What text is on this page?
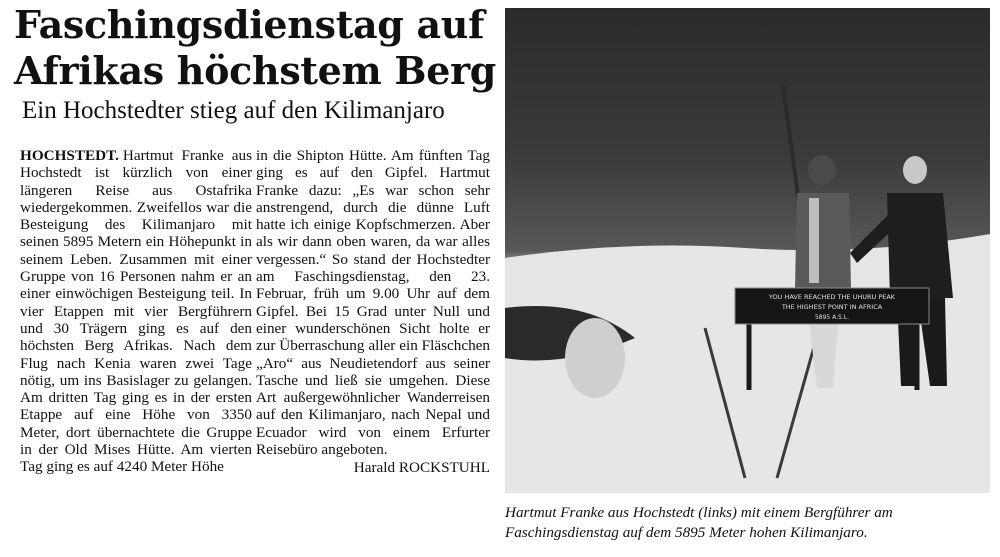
Faschingsdienstag auf
Afrikas höchstem Berg
Ein Hochstedter stieg auf den Kilimanjaro

HOCHSTEDT. Hartmut Franke aus Hochstedt ist kürzlich von einer längeren Reise aus Ostafrika wiedergekommen. Zweifellos war die Besteigung des Kilimanjaro mit seinen 5895 Metern ein Höhepunkt in seinem Leben. Zusammen mit einer Gruppe von 16 Personen nahm er an einer einwöchigen Besteigung teil. In vier Etappen mit vier Bergführern und 30 Trägern ging es auf den höchsten Berg Afrikas. Nach dem Flug nach Kenia waren zwei Tage nötig, um ins Basislager zu gelangen. Am dritten Tag ging es in der ersten Etappe auf eine Höhe von 3350 Meter, dort übernachtete die Gruppe in der Old Mises Hütte. Am vierten Tag ging es auf 4240 Meter Höhe

in die Shipton Hütte. Am fünften Tag ging es auf den Gipfel. Hartmut Franke dazu: „Es war schon sehr anstrengend, durch die dünne Luft hatte ich einige Kopfschmerzen. Aber als wir dann oben waren, da war alles vergessen.“ So stand der Hochstedter am Faschingsdienstag, den 23. Februar, früh um 9.00 Uhr auf dem Gipfel. Bei 15 Grad unter Null und einer wunderschönen Sicht holte er zur Überraschung aller ein Fläschchen „Aro“ aus Neudietendorf aus seiner Tasche und ließ sie umgehen. Diese Art außergewöhnlicher Wanderreisen auf den Kilimanjaro, nach Nepal und Ecuador wird von einem Erfurter Reisebüro angeboten.

Harald ROCKSTUHL
YOU HAVE REACHED THE UHURU PEAK
THE HIGHEST POINT IN AFRICA
5895 A.S.L.
Hartmut Franke aus Hochstedt (links) mit einem Bergführer am Faschingsdienstag auf dem 5895 Meter hohen Kilimanjaro.
